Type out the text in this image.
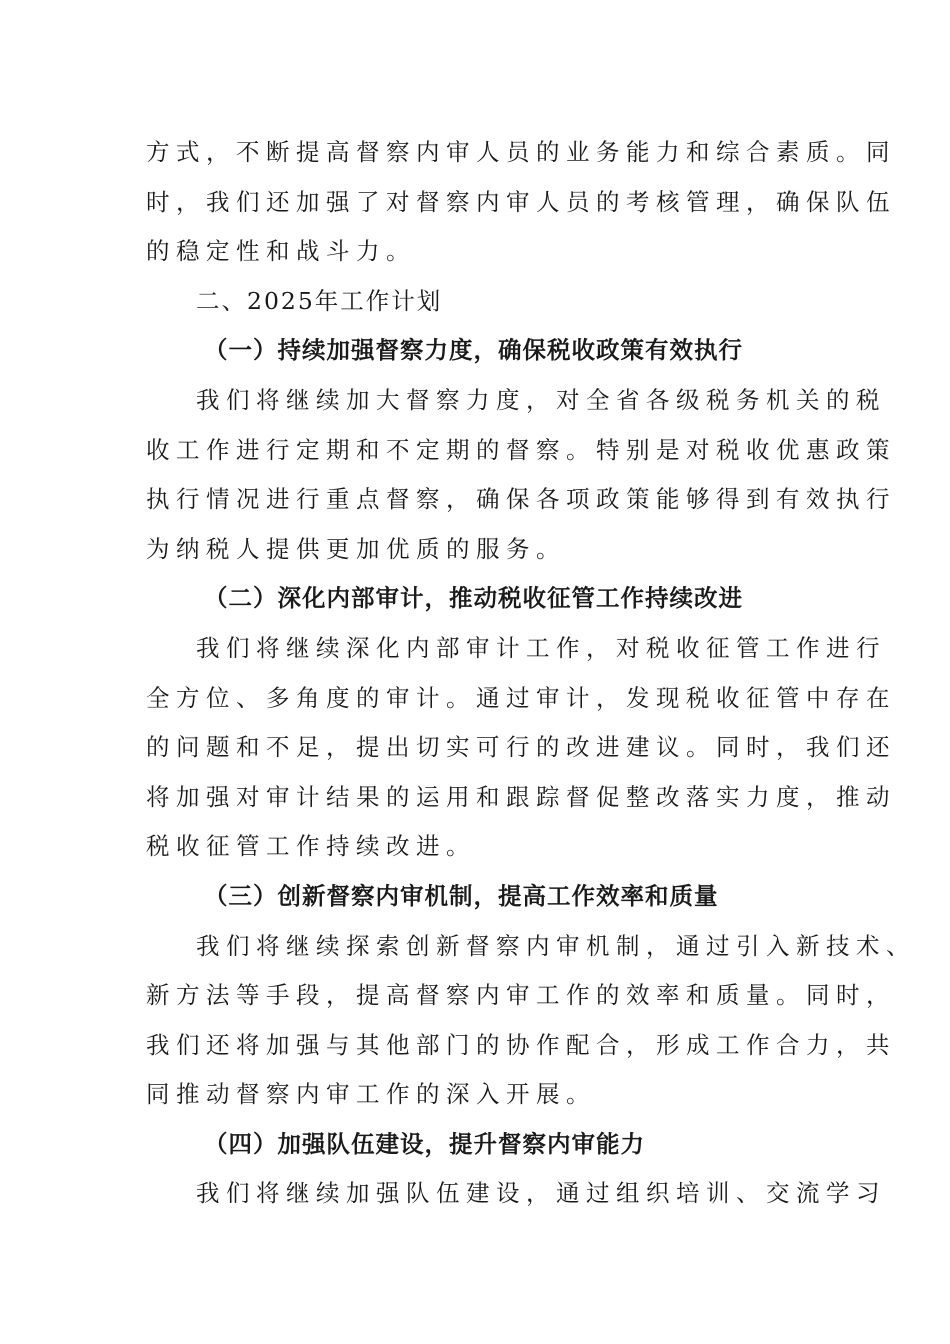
方式，不断提高督察内审人员的业务能力和综合素质。同
时，我们还加强了对督察内审人员的考核管理，确保队伍
的稳定性和战斗力。
二、2025年工作计划
（一）持续加强督察力度，确保税收政策有效执行
我们将继续加大督察力度，对全省各级税务机关的税
收工作进行定期和不定期的督察。特别是对税收优惠政策
执行情况进行重点督察，确保各项政策能够得到有效执行
为纳税人提供更加优质的服务。
（二）深化内部审计，推动税收征管工作持续改进
我们将继续深化内部审计工作，对税收征管工作进行
全方位、多角度的审计。通过审计，发现税收征管中存在
的问题和不足，提出切实可行的改进建议。同时，我们还
将加强对审计结果的运用和跟踪督促整改落实力度，推动
税收征管工作持续改进。
（三）创新督察内审机制，提高工作效率和质量
我们将继续探索创新督察内审机制，通过引入新技术、
新方法等手段，提高督察内审工作的效率和质量。同时，
我们还将加强与其他部门的协作配合，形成工作合力，共
同推动督察内审工作的深入开展。
（四）加强队伍建设，提升督察内审能力
我们将继续加强队伍建设，通过组织培训、交流学习
